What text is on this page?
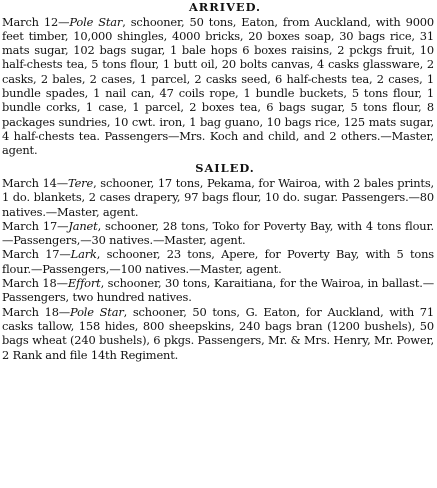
ARRIVED.

March 12—Pole Star, schooner, 50 tons, Eaton, from Auckland, with 9000 feet timber, 10,000 shingles, 4000 bricks, 20 boxes soap, 30 bags rice, 31 mats sugar, 102 bags sugar, 1 bale hops 6 boxes raisins, 2 pckgs fruit, 10 half-chests tea, 5 tons flour, 1 butt oil, 20 bolts canvas, 4 casks glassware, 2 casks, 2 bales, 2 cases, 1 parcel, 2 casks seed, 6 half-chests tea, 2 cases, 1 bundle spades, 1 nail can, 47 coils rope, 1 bundle buckets, 5 tons flour, 1 bundle corks, 1 case, 1 parcel, 2 boxes tea, 6 bags sugar, 5 tons flour, 8 packages sundries, 10 cwt. iron, 1 bag guano, 10 bags rice, 125 mats sugar, 4 half-chests tea. Passengers—Mrs. Koch and child, and 2 others.—Master, agent.

SAILED.

March 14—Tere, schooner, 17 tons, Pekama, for Wairoa, with 2 bales prints, 1 do. blankets, 2 cases drapery, 97 bags flour, 10 do. sugar. Passengers.—80 natives.—Master, agent.

March 17—Janet, schooner, 28 tons, Toko for Poverty Bay, with 4 tons flour.—Passengers,—30 natives.—Master, agent.

March 17—Lark, schooner, 23 tons, Apere, for Poverty Bay, with 5 tons flour.—Passengers,—100 natives.—Master, agent.

March 18—Effort, schooner, 30 tons, Karaitiana, for the Wairoa, in ballast.—Passengers, two hundred natives.

March 18—Pole Star, schooner, 50 tons, G. Eaton, for Auckland, with 71 casks tallow, 158 hides, 800 sheepskins, 240 bags bran (1200 bushels), 50 bags wheat (240 bushels), 6 pkgs. Passengers, Mr. & Mrs. Henry, Mr. Power, 2 Rank and file 14th Regiment.
